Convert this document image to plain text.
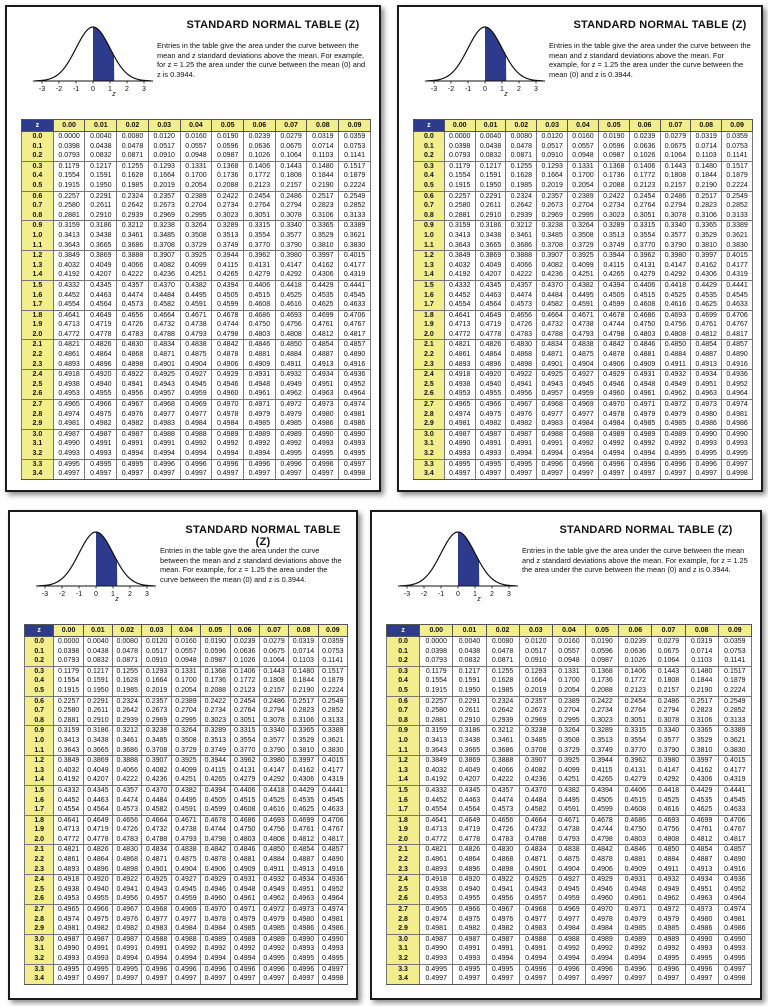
-3 -2 -1 0 1 2 3
z
STANDARD NORMAL TABLE (Z)
Entries in the table give the area under the curve between the mean and z standard deviations above the mean. For example, for z = 1.25 the area under the curve between the mean (0) and z is 0.3944.
z	0.00	0.01	0.02	0.03	0.04	0.05	0.06	0.07	0.08	0.09
0.0	0.0000	0.0040	0.0080	0.0120	0.0160	0.0190	0.0239	0.0279	0.0319	0.0359
0.1	0.0398	0.0438	0.0478	0.0517	0.0557	0.0596	0.0636	0.0675	0.0714	0.0753
0.2	0.0793	0.0832	0.0871	0.0910	0.0948	0.0987	0.1026	0.1064	0.1103	0.1141
0.3	0.1179	0.1217	0.1255	0.1293	0.1331	0.1368	0.1406	0.1443	0.1480	0.1517
0.4	0.1554	0.1591	0.1628	0.1664	0.1700	0.1736	0.1772	0.1808	0.1844	0.1879
0.5	0.1915	0.1950	0.1985	0.2019	0.2054	0.2088	0.2123	0.2157	0.2190	0.2224
0.6	0.2257	0.2291	0.2324	0.2357	0.2389	0.2422	0.2454	0.2486	0.2517	0.2549
0.7	0.2580	0.2611	0.2642	0.2673	0.2704	0.2734	0.2764	0.2794	0.2823	0.2852
0.8	0.2881	0.2910	0.2939	0.2969	0.2995	0.3023	0.3051	0.3078	0.3106	0.3133
0.9	0.3159	0.3186	0.3212	0.3238	0.3264	0.3289	0.3315	0.3340	0.3365	0.3389
1.0	0.3413	0.3438	0.3461	0.3485	0.3508	0.3513	0.3554	0.3577	0.3529	0.3621
1.1	0.3643	0.3665	0.3686	0.3708	0.3729	0.3749	0.3770	0.3790	0.3810	0.3830
1.2	0.3849	0.3869	0.3888	0.3907	0.3925	0.3944	0.3962	0.3980	0.3997	0.4015
1.3	0.4032	0.4049	0.4066	0.4082	0.4099	0.4115	0.4131	0.4147	0.4162	0.4177
1.4	0.4192	0.4207	0.4222	0.4236	0.4251	0.4265	0.4279	0.4292	0.4306	0.4319
1.5	0.4332	0.4345	0.4357	0.4370	0.4382	0.4394	0.4406	0.4418	0.4429	0.4441
1.6	0.4452	0.4463	0.4474	0.4484	0.4495	0.4505	0.4515	0.4525	0.4535	0.4545
1.7	0.4554	0.4564	0.4573	0.4582	0.4591	0.4599	0.4608	0.4616	0.4625	0.4633
1.8	0.4641	0.4649	0.4656	0.4664	0.4671	0.4678	0.4686	0.4693	0.4699	0.4706
1.9	0.4713	0.4719	0.4726	0.4732	0.4738	0.4744	0.4750	0.4756	0.4761	0.4767
2.0	0.4772	0.4778	0.4783	0.4788	0.4793	0.4798	0.4803	0.4808	0.4812	0.4817
2.1	0.4821	0.4826	0.4830	0.4834	0.4838	0.4842	0.4846	0.4850	0.4854	0.4857
2.2	0.4861	0.4864	0.4868	0.4871	0.4875	0.4878	0.4881	0.4884	0.4887	0.4890
2.3	0.4893	0.4896	0.4898	0.4901	0.4904	0.4906	0.4909	0.4911	0.4913	0.4916
2.4	0.4918	0.4920	0.4922	0.4925	0.4927	0.4929	0.4931	0.4932	0.4934	0.4936
2.5	0.4938	0.4940	0.4941	0.4943	0.4945	0.4946	0.4948	0.4949	0.4951	0.4952
2.6	0.4953	0.4955	0.4956	0.4957	0.4959	0.4960	0.4961	0.4962	0.4963	0.4964
2.7	0.4965	0.4966	0.4967	0.4968	0.4969	0.4970	0.4971	0.4972	0.4973	0.4974
2.8	0.4974	0.4975	0.4976	0.4977	0.4977	0.4978	0.4979	0.4979	0.4980	0.4981
2.9	0.4981	0.4982	0.4982	0.4983	0.4984	0.4984	0.4985	0.4985	0.4986	0.4986
3.0	0.4987	0.4987	0.4987	0.4988	0.4988	0.4989	0.4989	0.4989	0.4990	0.4990
3.1	0.4990	0.4991	0.4991	0.4991	0.4992	0.4992	0.4992	0.4992	0.4993	0.4993
3.2	0.4993	0.4993	0.4994	0.4994	0.4994	0.4994	0.4994	0.4995	0.4995	0.4995
3.3	0.4995	0.4995	0.4995	0.4996	0.4996	0.4996	0.4996	0.4996	0.4996	0.4997
3.4	0.4997	0.4997	0.4997	0.4997	0.4997	0.4997	0.4997	0.4997	0.4997	0.4998
-3 -2 -1 0 1 2 3
z
STANDARD NORMAL TABLE (Z)
Entries in the table give the area under the curve between the mean and z standard deviations above the mean. For example, for z = 1.25 the area under the curve between the mean (0) and z is 0.3944.
z	0.00	0.01	0.02	0.03	0.04	0.05	0.06	0.07	0.08	0.09
0.0	0.0000	0.0040	0.0080	0.0120	0.0160	0.0190	0.0239	0.0279	0.0319	0.0359
0.1	0.0398	0.0438	0.0478	0.0517	0.0557	0.0596	0.0636	0.0675	0.0714	0.0753
0.2	0.0793	0.0832	0.0871	0.0910	0.0948	0.0987	0.1026	0.1064	0.1103	0.1141
0.3	0.1179	0.1217	0.1255	0.1293	0.1331	0.1368	0.1406	0.1443	0.1480	0.1517
0.4	0.1554	0.1591	0.1628	0.1664	0.1700	0.1736	0.1772	0.1808	0.1844	0.1879
0.5	0.1915	0.1950	0.1985	0.2019	0.2054	0.2088	0.2123	0.2157	0.2190	0.2224
0.6	0.2257	0.2291	0.2324	0.2357	0.2389	0.2422	0.2454	0.2486	0.2517	0.2549
0.7	0.2580	0.2611	0.2642	0.2673	0.2704	0.2734	0.2764	0.2794	0.2823	0.2852
0.8	0.2881	0.2910	0.2939	0.2969	0.2995	0.3023	0.3051	0.3078	0.3106	0.3133
0.9	0.3159	0.3186	0.3212	0.3238	0.3264	0.3289	0.3315	0.3340	0.3365	0.3389
1.0	0.3413	0.3438	0.3461	0.3485	0.3508	0.3513	0.3554	0.3577	0.3529	0.3621
1.1	0.3643	0.3665	0.3686	0.3708	0.3729	0.3749	0.3770	0.3790	0.3810	0.3830
1.2	0.3849	0.3869	0.3888	0.3907	0.3925	0.3944	0.3962	0.3980	0.3997	0.4015
1.3	0.4032	0.4049	0.4066	0.4082	0.4099	0.4115	0.4131	0.4147	0.4162	0.4177
1.4	0.4192	0.4207	0.4222	0.4236	0.4251	0.4265	0.4279	0.4292	0.4306	0.4319
1.5	0.4332	0.4345	0.4357	0.4370	0.4382	0.4394	0.4406	0.4418	0.4429	0.4441
1.6	0.4452	0.4463	0.4474	0.4484	0.4495	0.4505	0.4515	0.4525	0.4535	0.4545
1.7	0.4554	0.4564	0.4573	0.4582	0.4591	0.4599	0.4608	0.4616	0.4625	0.4633
1.8	0.4641	0.4649	0.4656	0.4664	0.4671	0.4678	0.4686	0.4693	0.4699	0.4706
1.9	0.4713	0.4719	0.4726	0.4732	0.4738	0.4744	0.4750	0.4756	0.4761	0.4767
2.0	0.4772	0.4778	0.4783	0.4788	0.4793	0.4798	0.4803	0.4808	0.4812	0.4817
2.1	0.4821	0.4826	0.4830	0.4834	0.4838	0.4842	0.4846	0.4850	0.4854	0.4857
2.2	0.4861	0.4864	0.4868	0.4871	0.4875	0.4878	0.4881	0.4884	0.4887	0.4890
2.3	0.4893	0.4896	0.4898	0.4901	0.4904	0.4906	0.4909	0.4911	0.4913	0.4916
2.4	0.4918	0.4920	0.4922	0.4925	0.4927	0.4929	0.4931	0.4932	0.4934	0.4936
2.5	0.4938	0.4940	0.4941	0.4943	0.4945	0.4946	0.4948	0.4949	0.4951	0.4952
2.6	0.4953	0.4955	0.4956	0.4957	0.4959	0.4960	0.4961	0.4962	0.4963	0.4964
2.7	0.4965	0.4966	0.4967	0.4968	0.4969	0.4970	0.4971	0.4972	0.4973	0.4974
2.8	0.4974	0.4975	0.4976	0.4977	0.4977	0.4978	0.4979	0.4979	0.4980	0.4981
2.9	0.4981	0.4982	0.4982	0.4983	0.4984	0.4984	0.4985	0.4985	0.4986	0.4986
3.0	0.4987	0.4987	0.4987	0.4988	0.4988	0.4989	0.4989	0.4989	0.4990	0.4990
3.1	0.4990	0.4991	0.4991	0.4991	0.4992	0.4992	0.4992	0.4992	0.4993	0.4993
3.2	0.4993	0.4993	0.4994	0.4994	0.4994	0.4994	0.4994	0.4995	0.4995	0.4995
3.3	0.4995	0.4995	0.4995	0.4996	0.4996	0.4996	0.4996	0.4996	0.4996	0.4997
3.4	0.4997	0.4997	0.4997	0.4997	0.4997	0.4997	0.4997	0.4997	0.4997	0.4998
-3 -2 -1 0 1 2 3
z
STANDARD NORMAL TABLE (Z)
Entries in the table give the area under the curve between the mean and z standard deviations above the mean. For example, for z = 1.25 the area under the curve between the mean (0) and z is 0.3944.
z	0.00	0.01	0.02	0.03	0.04	0.05	0.06	0.07	0.08	0.09
0.0	0.0000	0.0040	0.0080	0.0120	0.0160	0.0190	0.0239	0.0279	0.0319	0.0359
0.1	0.0398	0.0438	0.0478	0.0517	0.0557	0.0596	0.0636	0.0675	0.0714	0.0753
0.2	0.0793	0.0832	0.0871	0.0910	0.0948	0.0987	0.1026	0.1064	0.1103	0.1141
0.3	0.1179	0.1217	0.1255	0.1293	0.1331	0.1368	0.1406	0.1443	0.1480	0.1517
0.4	0.1554	0.1591	0.1628	0.1664	0.1700	0.1736	0.1772	0.1808	0.1844	0.1879
0.5	0.1915	0.1950	0.1985	0.2019	0.2054	0.2088	0.2123	0.2157	0.2190	0.2224
0.6	0.2257	0.2291	0.2324	0.2357	0.2389	0.2422	0.2454	0.2486	0.2517	0.2549
0.7	0.2580	0.2611	0.2642	0.2673	0.2704	0.2734	0.2764	0.2794	0.2823	0.2852
0.8	0.2881	0.2910	0.2939	0.2969	0.2995	0.3023	0.3051	0.3078	0.3106	0.3133
0.9	0.3159	0.3186	0.3212	0.3238	0.3264	0.3289	0.3315	0.3340	0.3365	0.3389
1.0	0.3413	0.3438	0.3461	0.3485	0.3508	0.3513	0.3554	0.3577	0.3529	0.3621
1.1	0.3643	0.3665	0.3686	0.3708	0.3729	0.3749	0.3770	0.3790	0.3810	0.3830
1.2	0.3849	0.3869	0.3888	0.3907	0.3925	0.3944	0.3962	0.3980	0.3997	0.4015
1.3	0.4032	0.4049	0.4066	0.4082	0.4099	0.4115	0.4131	0.4147	0.4162	0.4177
1.4	0.4192	0.4207	0.4222	0.4236	0.4251	0.4265	0.4279	0.4292	0.4306	0.4319
1.5	0.4332	0.4345	0.4357	0.4370	0.4382	0.4394	0.4406	0.4418	0.4429	0.4441
1.6	0.4452	0.4463	0.4474	0.4484	0.4495	0.4505	0.4515	0.4525	0.4535	0.4545
1.7	0.4554	0.4564	0.4573	0.4582	0.4591	0.4599	0.4608	0.4616	0.4625	0.4633
1.8	0.4641	0.4649	0.4656	0.4664	0.4671	0.4678	0.4686	0.4693	0.4699	0.4706
1.9	0.4713	0.4719	0.4726	0.4732	0.4738	0.4744	0.4750	0.4756	0.4761	0.4767
2.0	0.4772	0.4778	0.4783	0.4788	0.4793	0.4798	0.4803	0.4808	0.4812	0.4817
2.1	0.4821	0.4826	0.4830	0.4834	0.4838	0.4842	0.4846	0.4850	0.4854	0.4857
2.2	0.4861	0.4864	0.4868	0.4871	0.4875	0.4878	0.4881	0.4884	0.4887	0.4890
2.3	0.4893	0.4896	0.4898	0.4901	0.4904	0.4906	0.4909	0.4911	0.4913	0.4916
2.4	0.4918	0.4920	0.4922	0.4925	0.4927	0.4929	0.4931	0.4932	0.4934	0.4936
2.5	0.4938	0.4940	0.4941	0.4943	0.4945	0.4946	0.4948	0.4949	0.4951	0.4952
2.6	0.4953	0.4955	0.4956	0.4957	0.4959	0.4960	0.4961	0.4962	0.4963	0.4964
2.7	0.4965	0.4966	0.4967	0.4968	0.4969	0.4970	0.4971	0.4972	0.4973	0.4974
2.8	0.4974	0.4975	0.4976	0.4977	0.4977	0.4978	0.4979	0.4979	0.4980	0.4981
2.9	0.4981	0.4982	0.4982	0.4983	0.4984	0.4984	0.4985	0.4985	0.4986	0.4986
3.0	0.4987	0.4987	0.4987	0.4988	0.4988	0.4989	0.4989	0.4989	0.4990	0.4990
3.1	0.4990	0.4991	0.4991	0.4991	0.4992	0.4992	0.4992	0.4992	0.4993	0.4993
3.2	0.4993	0.4993	0.4994	0.4994	0.4994	0.4994	0.4994	0.4995	0.4995	0.4995
3.3	0.4995	0.4995	0.4995	0.4996	0.4996	0.4996	0.4996	0.4996	0.4996	0.4997
3.4	0.4997	0.4997	0.4997	0.4997	0.4997	0.4997	0.4997	0.4997	0.4997	0.4998
-3 -2 -1 0 1 2 3
z
STANDARD NORMAL TABLE (Z)
Entries in the table give the area under the curve between the mean and z standard deviations above the mean. For example, for z = 1.25 the area under the curve between the mean (0) and z is 0.3944.
z	0.00	0.01	0.02	0.03	0.04	0.05	0.06	0.07	0.08	0.09
0.0	0.0000	0.0040	0.0080	0.0120	0.0160	0.0190	0.0239	0.0279	0.0319	0.0359
0.1	0.0398	0.0438	0.0478	0.0517	0.0557	0.0596	0.0636	0.0675	0.0714	0.0753
0.2	0.0793	0.0832	0.0871	0.0910	0.0948	0.0987	0.1026	0.1064	0.1103	0.1141
0.3	0.1179	0.1217	0.1255	0.1293	0.1331	0.1368	0.1406	0.1443	0.1480	0.1517
0.4	0.1554	0.1591	0.1628	0.1664	0.1700	0.1736	0.1772	0.1808	0.1844	0.1879
0.5	0.1915	0.1950	0.1985	0.2019	0.2054	0.2088	0.2123	0.2157	0.2190	0.2224
0.6	0.2257	0.2291	0.2324	0.2357	0.2389	0.2422	0.2454	0.2486	0.2517	0.2549
0.7	0.2580	0.2611	0.2642	0.2673	0.2704	0.2734	0.2764	0.2794	0.2823	0.2852
0.8	0.2881	0.2910	0.2939	0.2969	0.2995	0.3023	0.3051	0.3078	0.3106	0.3133
0.9	0.3159	0.3186	0.3212	0.3238	0.3264	0.3289	0.3315	0.3340	0.3365	0.3389
1.0	0.3413	0.3438	0.3461	0.3485	0.3508	0.3513	0.3554	0.3577	0.3529	0.3621
1.1	0.3643	0.3665	0.3686	0.3708	0.3729	0.3749	0.3770	0.3790	0.3810	0.3830
1.2	0.3849	0.3869	0.3888	0.3907	0.3925	0.3944	0.3962	0.3980	0.3997	0.4015
1.3	0.4032	0.4049	0.4066	0.4082	0.4099	0.4115	0.4131	0.4147	0.4162	0.4177
1.4	0.4192	0.4207	0.4222	0.4236	0.4251	0.4265	0.4279	0.4292	0.4306	0.4319
1.5	0.4332	0.4345	0.4357	0.4370	0.4382	0.4394	0.4406	0.4418	0.4429	0.4441
1.6	0.4452	0.4463	0.4474	0.4484	0.4495	0.4505	0.4515	0.4525	0.4535	0.4545
1.7	0.4554	0.4564	0.4573	0.4582	0.4591	0.4599	0.4608	0.4616	0.4625	0.4633
1.8	0.4641	0.4649	0.4656	0.4664	0.4671	0.4678	0.4686	0.4693	0.4699	0.4706
1.9	0.4713	0.4719	0.4726	0.4732	0.4738	0.4744	0.4750	0.4756	0.4761	0.4767
2.0	0.4772	0.4778	0.4783	0.4788	0.4793	0.4798	0.4803	0.4808	0.4812	0.4817
2.1	0.4821	0.4826	0.4830	0.4834	0.4838	0.4842	0.4846	0.4850	0.4854	0.4857
2.2	0.4861	0.4864	0.4868	0.4871	0.4875	0.4878	0.4881	0.4884	0.4887	0.4890
2.3	0.4893	0.4896	0.4898	0.4901	0.4904	0.4906	0.4909	0.4911	0.4913	0.4916
2.4	0.4918	0.4920	0.4922	0.4925	0.4927	0.4929	0.4931	0.4932	0.4934	0.4936
2.5	0.4938	0.4940	0.4941	0.4943	0.4945	0.4946	0.4948	0.4949	0.4951	0.4952
2.6	0.4953	0.4955	0.4956	0.4957	0.4959	0.4960	0.4961	0.4962	0.4963	0.4964
2.7	0.4965	0.4966	0.4967	0.4968	0.4969	0.4970	0.4971	0.4972	0.4973	0.4974
2.8	0.4974	0.4975	0.4976	0.4977	0.4977	0.4978	0.4979	0.4979	0.4980	0.4981
2.9	0.4981	0.4982	0.4982	0.4983	0.4984	0.4984	0.4985	0.4985	0.4986	0.4986
3.0	0.4987	0.4987	0.4987	0.4988	0.4988	0.4989	0.4989	0.4989	0.4990	0.4990
3.1	0.4990	0.4991	0.4991	0.4991	0.4992	0.4992	0.4992	0.4992	0.4993	0.4993
3.2	0.4993	0.4993	0.4994	0.4994	0.4994	0.4994	0.4994	0.4995	0.4995	0.4995
3.3	0.4995	0.4995	0.4995	0.4996	0.4996	0.4996	0.4996	0.4996	0.4996	0.4997
3.4	0.4997	0.4997	0.4997	0.4997	0.4997	0.4997	0.4997	0.4997	0.4997	0.4998
